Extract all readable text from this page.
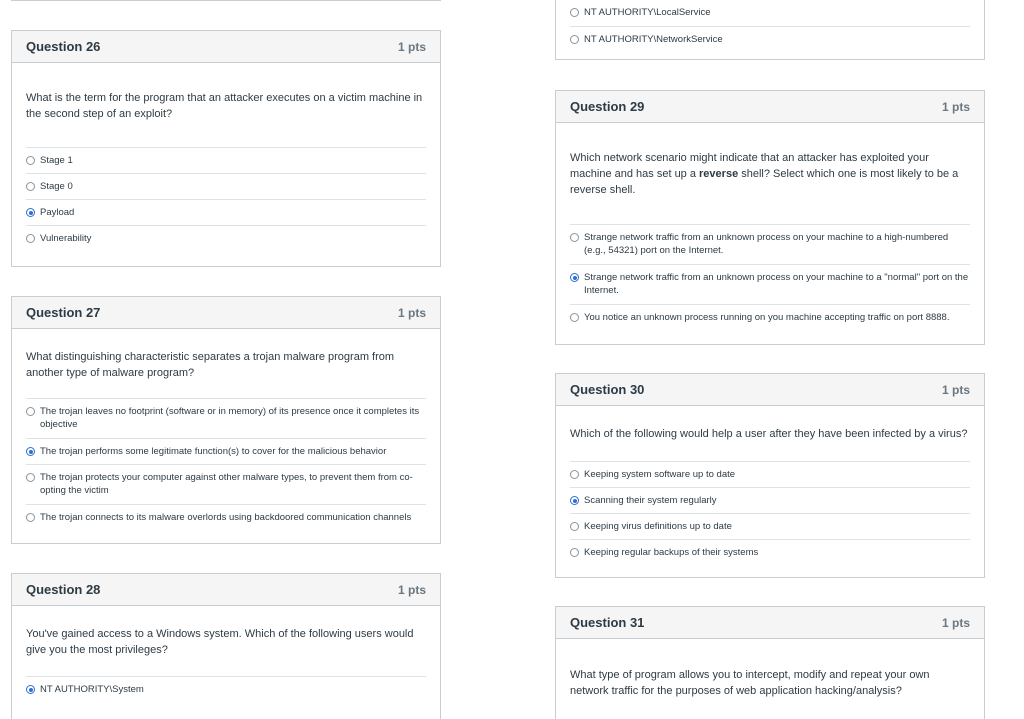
Question 26	1 pts
What is the term for the program that an attacker executes on a victim machine in the second step of an exploit?
Stage 1
Stage 0
Payload
Vulnerability
Question 27	1 pts
What distinguishing characteristic separates a trojan malware program from another type of malware program?
The trojan leaves no footprint (software or in memory) of its presence once it completes its objective
The trojan performs some legitimate function(s) to cover for the malicious behavior
The trojan protects your computer against other malware types, to prevent them from co-opting the victim
The trojan connects to its malware overlords using backdoored communication channels
Question 28	1 pts
You've gained access to a Windows system. Which of the following users would give you the most privileges?
NT AUTHORITY\System
NT AUTHORITY\LocalService
NT AUTHORITY\NetworkService
Question 29	1 pts
Which network scenario might indicate that an attacker has exploited your machine and has set up a reverse shell? Select which one is most likely to be a reverse shell.
Strange network traffic from an unknown process on your machine to a high-numbered (e.g., 54321) port on the Internet.
Strange network traffic from an unknown process on your machine to a "normal" port on the Internet.
You notice an unknown process running on you machine accepting traffic on port 8888.
Question 30	1 pts
Which of the following would help a user after they have been infected by a virus?
Keeping system software up to date
Scanning their system regularly
Keeping virus definitions up to date
Keeping regular backups of their systems
Question 31	1 pts
What type of program allows you to intercept, modify and repeat your own network traffic for the purposes of web application hacking/analysis?
